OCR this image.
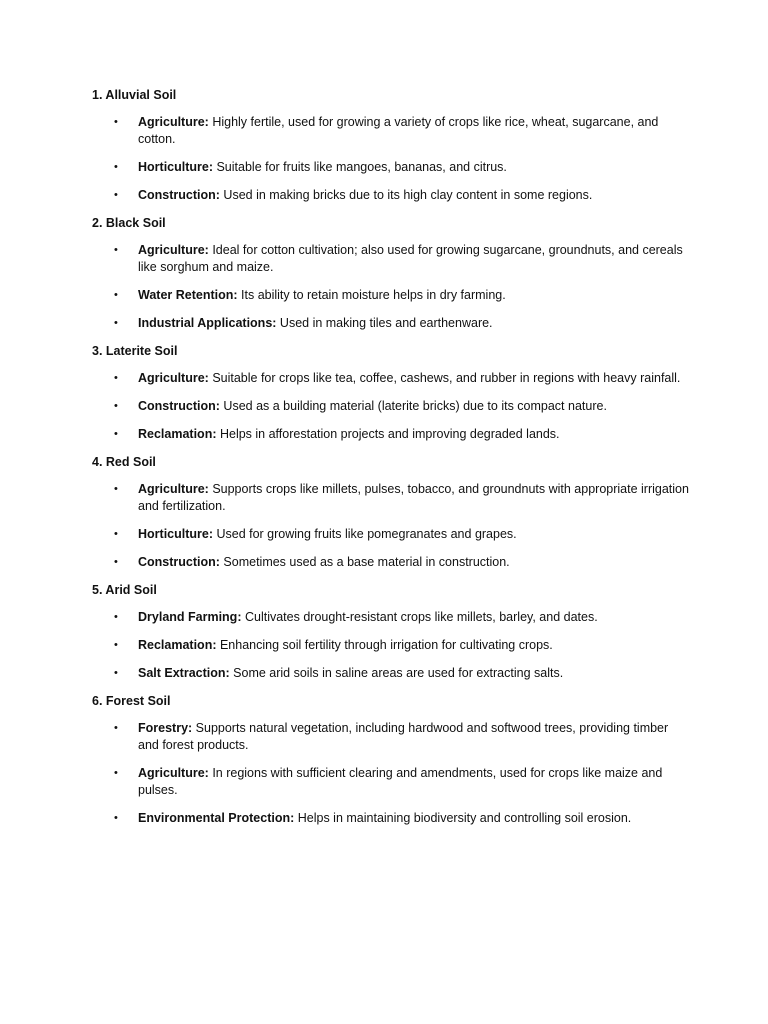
1. Alluvial Soil
• Agriculture: Highly fertile, used for growing a variety of crops like rice, wheat, sugarcane, and cotton.
• Horticulture: Suitable for fruits like mangoes, bananas, and citrus.
• Construction: Used in making bricks due to its high clay content in some regions.
2. Black Soil
• Agriculture: Ideal for cotton cultivation; also used for growing sugarcane, groundnuts, and cereals like sorghum and maize.
• Water Retention: Its ability to retain moisture helps in dry farming.
• Industrial Applications: Used in making tiles and earthenware.
3. Laterite Soil
• Agriculture: Suitable for crops like tea, coffee, cashews, and rubber in regions with heavy rainfall.
• Construction: Used as a building material (laterite bricks) due to its compact nature.
• Reclamation: Helps in afforestation projects and improving degraded lands.
4. Red Soil
• Agriculture: Supports crops like millets, pulses, tobacco, and groundnuts with appropriate irrigation and fertilization.
• Horticulture: Used for growing fruits like pomegranates and grapes.
• Construction: Sometimes used as a base material in construction.
5. Arid Soil
• Dryland Farming: Cultivates drought-resistant crops like millets, barley, and dates.
• Reclamation: Enhancing soil fertility through irrigation for cultivating crops.
• Salt Extraction: Some arid soils in saline areas are used for extracting salts.
6. Forest Soil
• Forestry: Supports natural vegetation, including hardwood and softwood trees, providing timber and forest products.
• Agriculture: In regions with sufficient clearing and amendments, used for crops like maize and pulses.
• Environmental Protection: Helps in maintaining biodiversity and controlling soil erosion.
